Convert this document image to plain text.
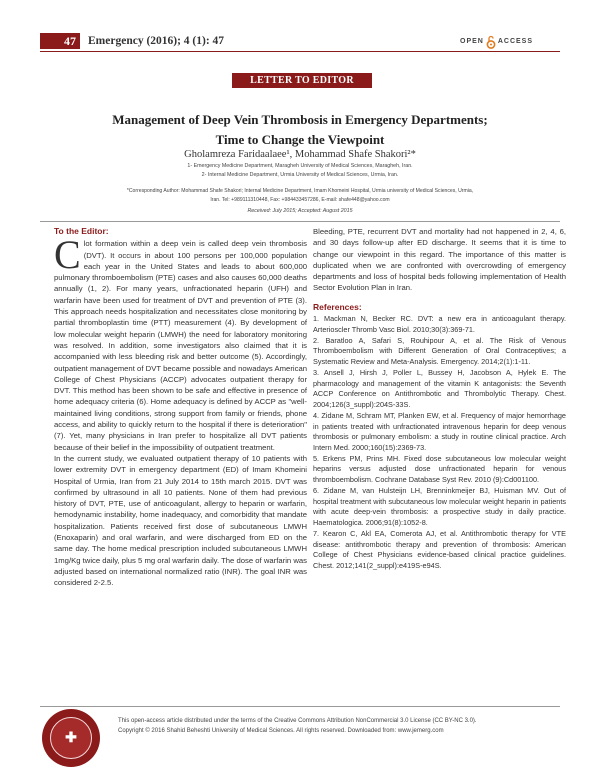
47	Emergency (2016); 4 (1): 47	OPEN ACCESS
LETTER TO EDITOR
Management of Deep Vein Thrombosis in Emergency Departments;
Time to Change the Viewpoint
Gholamreza Faridaalaee¹, Mohammad Shafe Shakori²*
1- Emergency Medicine Department, Maragheh University of Medical Sciences, Maragheh, Iran.
2- Internal Medicine Department, Urmia University of Medical Sciences, Urmia, Iran.
*Corresponding Author: Mohammad Shafe Shakori; Internal Medicine Department, Imam Khomeini Hospital, Urmia university of Medical Sciences, Urmia,
Iran. Tel: +989111310448, Fax: +984433457286, E-mail: shafe448@yahoo.com
Received: July 2015; Accepted: August 2015
To the Editor:

Clot formation within a deep vein is called deep vein thrombosis (DVT). It occurs in about 100 persons per 100,000 population each year in the United States and leads to about 600,000 pulmonary thromboembolism (PTE) cases and also causes 60,000 deaths annually (1, 2). For many years, unfractionated heparin (UFH) and warfarin have been used for treatment of DVT and prevention of PTE (3). This approach needs hospitalization and necessitates close monitoring by partial thromboplastin time (PTT) measurement (4). By development of low molecular weight heparin (LMWH) the need for laboratory monitoring was resolved. In addition, some investigators also claimed that it is accompanied with less bleeding risk and better outcome (5). Accordingly, outpatient management of DVT became possible and nowadays American College of Chest Physicians (ACCP) advocates outpatient therapy for DVT. This method has been shown to be safe and effective in presence of home adequacy criteria (6). Home adequacy is defined by ACCP as "well-maintained living conditions, strong support from family or friends, phone access, and ability to quickly return to the hospital if there is deterioration" (7). Yet, many physicians in Iran prefer to hospitalize all DVT patients because of their belief in the impossibility of outpatient treatment.

In the current study, we evaluated outpatient therapy of 10 patients with lower extremity DVT in emergency department (ED) of Imam Khomeini Hospital of Urmia, Iran from 21 July 2014 to 15th march 2015. DVT was confirmed by ultrasound in all 10 patients. None of them had previous history of DVT, PTE, use of anticoagulant, allergy to heparin or warfarin, hemodynamic instability, home inadequacy, and comorbidity that mandate hospitalization. Patients received first dose of subcutaneous LMWH (Enoxaparin) and oral warfarin, and were discharged from ED on the same day. The home medical prescription included subcutaneous LMWH 1mg/Kg twice daily, plus 5 mg oral warfarin daily. The dose of warfarin was adjusted based on international normalized ratio (INR). The goal INR was considered 2-2.5.

Bleeding, PTE, recurrent DVT and mortality had not happened in 2, 4, 6, and 30 days follow-up after ED discharge. It seems that it is time to change our viewpoint in this regard. The importance of this matter is duplicated when we are confronted with overcrowding of emergency departments and loss of hospital beds following implementation of Health Sector Evolution Plan in Iran.

References:

1. Mackman N, Becker RC. DVT: a new era in anticoagulant therapy. Arterioscler Thromb Vasc Biol. 2010;30(3):369-71.

2. Baratloo A, Safari S, Rouhipour A, et al. The Risk of Venous Thromboembolism with Different Generation of Oral Contraceptives; a Systematic Review and Meta-Analysis. Emergency. 2014;2(1):1-11.

3. Ansell J, Hirsh J, Poller L, Bussey H, Jacobson A, Hylek E. The pharmacology and management of the vitamin K antagonists: the Seventh ACCP Conference on Antithrombotic and Thrombolytic Therapy. Chest. 2004;126(3_suppl):204S-33S.

4. Zidane M, Schram MT, Planken EW, et al. Frequency of major hemorrhage in patients treated with unfractionated intravenous heparin for deep venous thrombosis or pulmonary embolism: a study in routine clinical practice. Arch Intern Med. 2000;160(15):2369-73.

5. Erkens PM, Prins MH. Fixed dose subcutaneous low molecular weight heparins versus adjusted dose unfractionated heparin for venous thromboembolism. Cochrane Database Syst Rev. 2010 (9):Cd001100.

6. Zidane M, van Hulsteijn LH, Brenninkmeijer BJ, Huisman MV. Out of hospital treatment with subcutaneous low molecular weight heparin in patients with acute deep-vein thrombosis: a prospective study in daily practice. Haematologica. 2006;91(8):1052-8.

7. Kearon C, Akl EA, Comerota AJ, et al. Antithrombotic therapy for VTE disease: antithrombotic therapy and prevention of thrombosis: American College of Chest Physicians evidence-based clinical practice guidelines. Chest. 2012;141(2_suppl):e419S-e94S.

✚
This open-access article distributed under the terms of the Creative Commons Attribution NonCommercial 3.0 License (CC BY-NC 3.0).
Copyright © 2016 Shahid Beheshti University of Medical Sciences. All rights reserved. Downloaded from: www.jemerg.com
